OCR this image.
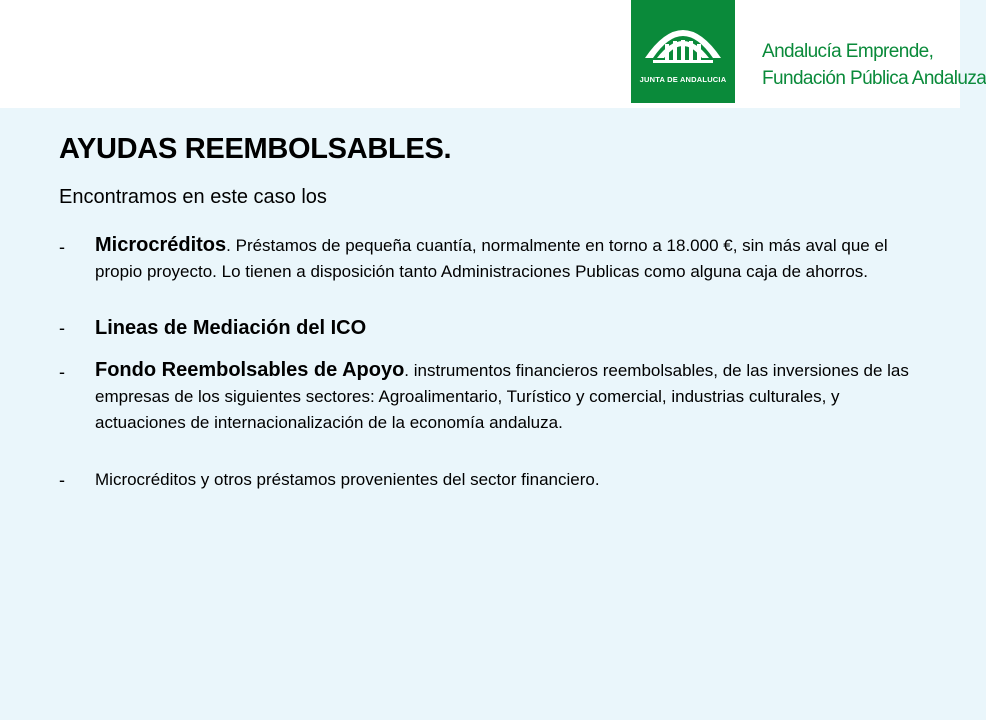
JUNTA DE ANDALUCIA
Andalucía Emprende,
Fundación Pública Andaluza
AYUDAS REEMBOLSABLES.
Encontramos en este caso los
- Microcréditos. Préstamos de pequeña cuantía, normalmente en torno a 18.000 €, sin más aval que el propio proyecto. Lo tienen a disposición tanto Administraciones Publicas como alguna caja de ahorros.
- Lineas de Mediación del ICO
- Fondo Reembolsables de Apoyo. instrumentos financieros reembolsables, de las inversiones de las empresas de los siguientes sectores: Agroalimentario, Turístico y comercial, industrias culturales, y actuaciones de internacionalización de la economía andaluza.
- Microcréditos y otros préstamos provenientes del sector financiero.
